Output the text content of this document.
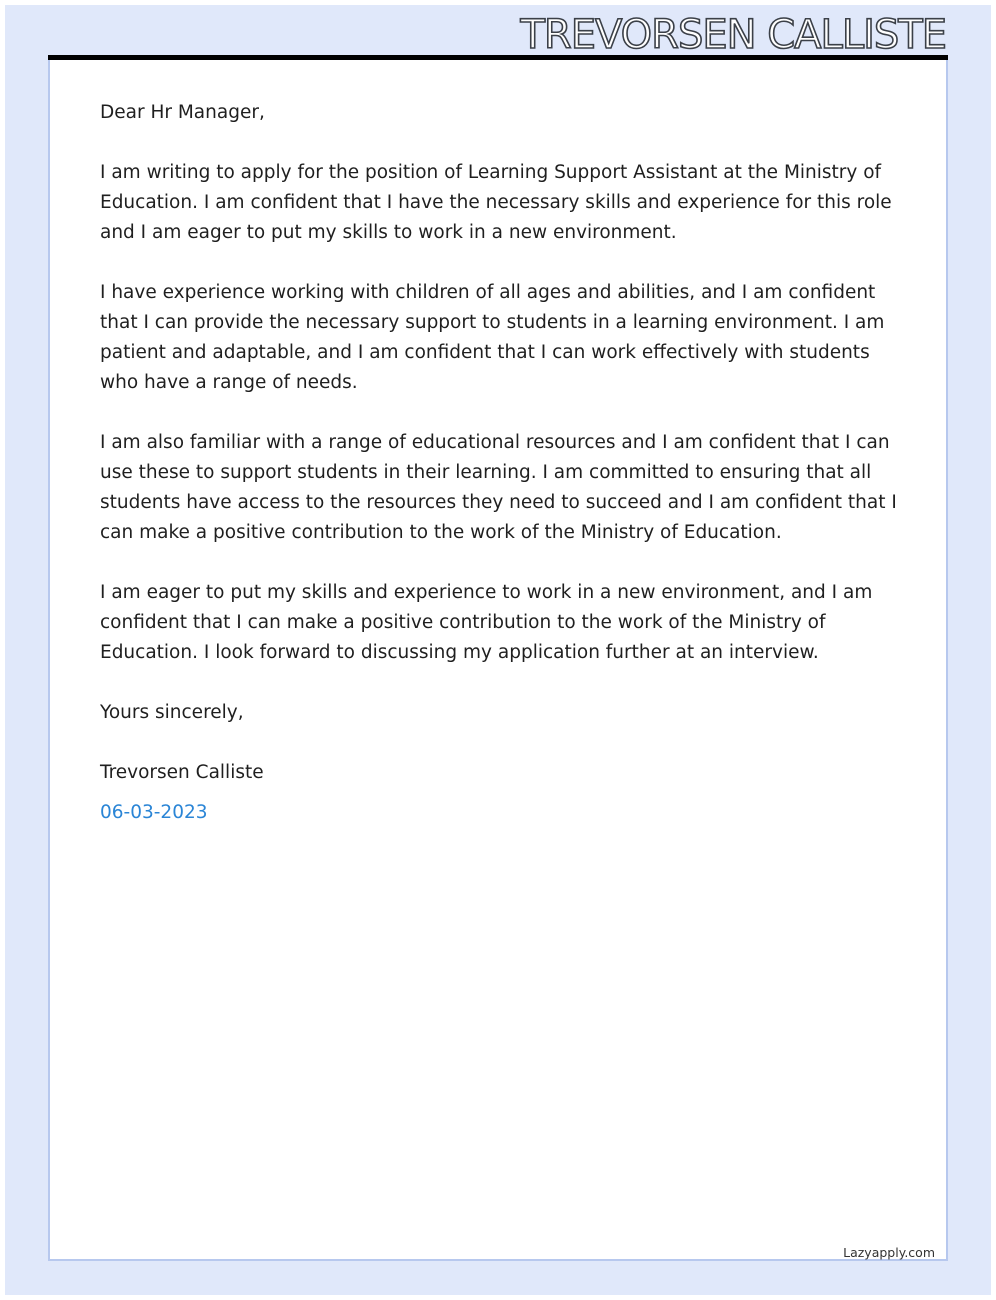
TREVORSEN CALLISTE

Dear Hr Manager,

I am writing to apply for the position of Learning Support Assistant at the Ministry of Education. I am confident that I have the necessary skills and experience for this role and I am eager to put my skills to work in a new environment.

I have experience working with children of all ages and abilities, and I am confident that I can provide the necessary support to students in a learning environment. I am patient and adaptable, and I am confident that I can work effectively with students who have a range of needs.

I am also familiar with a range of educational resources and I am confident that I can use these to support students in their learning. I am committed to ensuring that all students have access to the resources they need to succeed and I am confident that I can make a positive contribution to the work of the Ministry of Education.

I am eager to put my skills and experience to work in a new environment, and I am confident that I can make a positive contribution to the work of the Ministry of Education. I look forward to discussing my application further at an interview.

Yours sincerely,

Trevorsen Calliste

06-03-2023

Lazyapply.com
